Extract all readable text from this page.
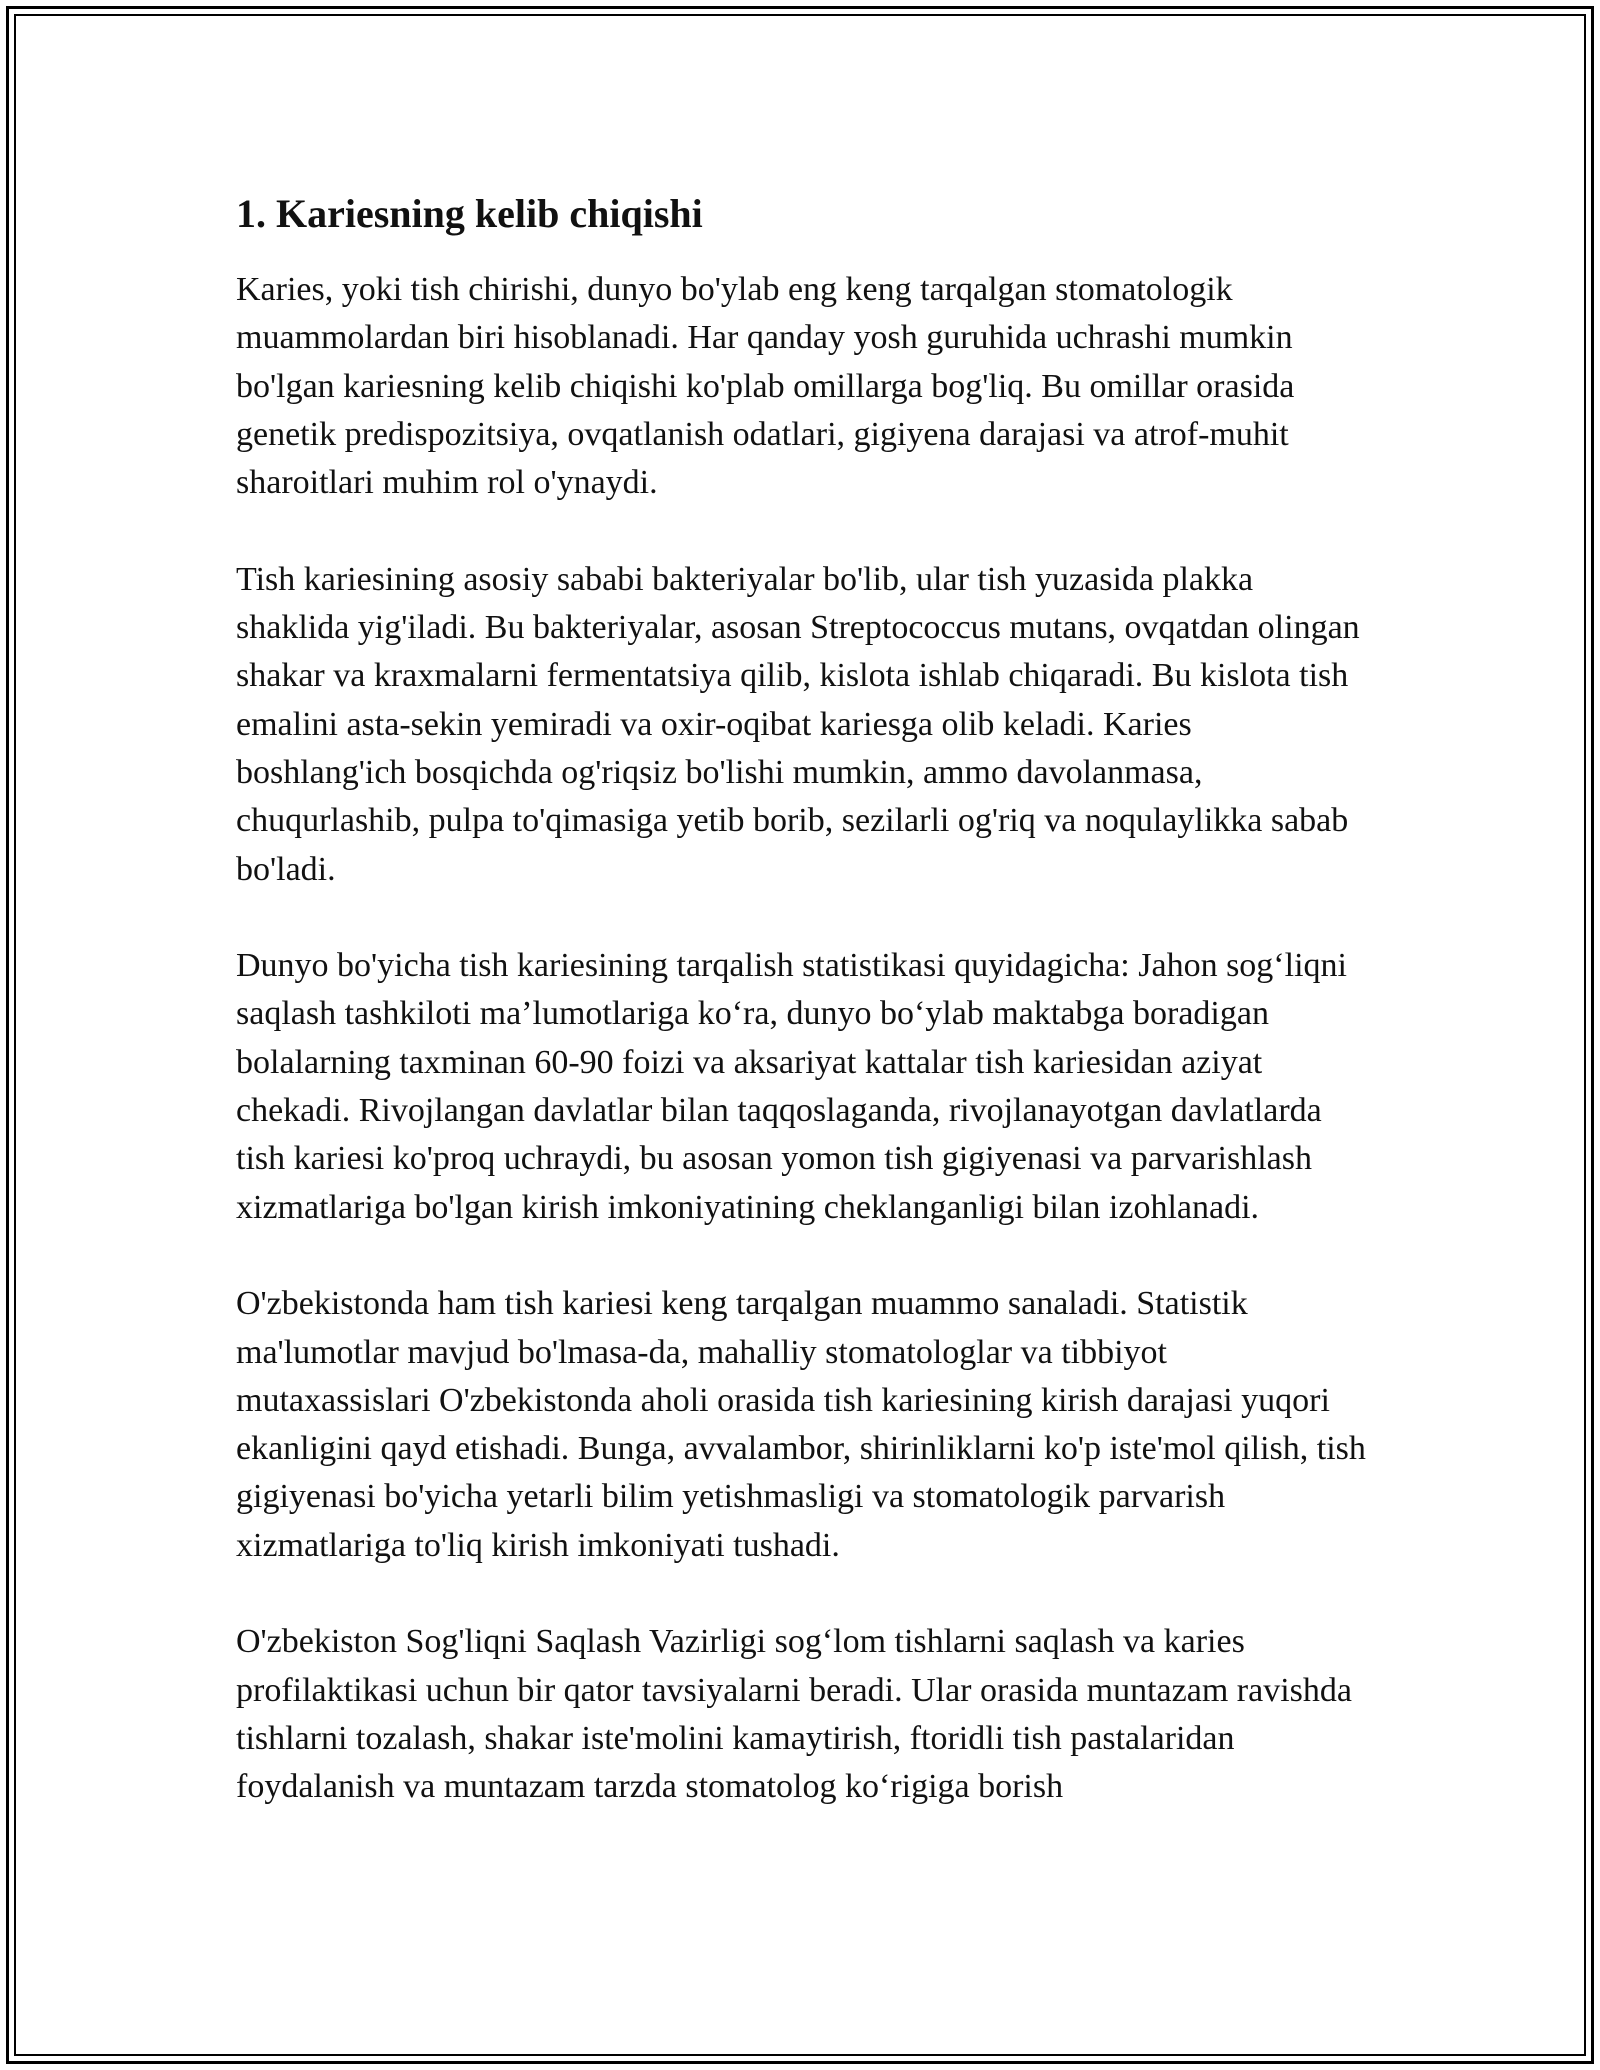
1. Kariesning kelib chiqishi

Karies, yoki tish chirishi, dunyo bo'ylab eng keng tarqalgan stomatologik muammolardan biri hisoblanadi. Har qanday yosh guruhida uchrashi mumkin bo'lgan kariesning kelib chiqishi ko'plab omillarga bog'liq. Bu omillar orasida genetik predispozitsiya, ovqatlanish odatlari, gigiyena darajasi va atrof-muhit sharoitlari muhim rol o'ynaydi.

Tish kariesining asosiy sababi bakteriyalar bo'lib, ular tish yuzasida plakka shaklida yig'iladi. Bu bakteriyalar, asosan Streptococcus mutans, ovqatdan olingan shakar va kraxmalarni fermentatsiya qilib, kislota ishlab chiqaradi. Bu kislota tish emalini asta-sekin yemiradi va oxir-oqibat kariesga olib keladi. Karies boshlang'ich bosqichda og'riqsiz bo'lishi mumkin, ammo davolanmasa, chuqurlashib, pulpa to'qimasiga yetib borib, sezilarli og'riq va noqulaylikka sabab bo'ladi.

Dunyo bo'yicha tish kariesining tarqalish statistikasi quyidagicha: Jahon sog‘liqni saqlash tashkiloti ma’lumotlariga ko‘ra, dunyo bo‘ylab maktabga boradigan bolalarning taxminan 60-90 foizi va aksariyat kattalar tish kariesidan aziyat chekadi. Rivojlangan davlatlar bilan taqqoslaganda, rivojlanayotgan davlatlarda tish kariesi ko'proq uchraydi, bu asosan yomon tish gigiyenasi va parvarishlash xizmatlariga bo'lgan kirish imkoniyatining cheklanganligi bilan izohlanadi.

O'zbekistonda ham tish kariesi keng tarqalgan muammo sanaladi. Statistik ma'lumotlar mavjud bo'lmasa-da, mahalliy stomatologlar va tibbiyot mutaxassislari O'zbekistonda aholi orasida tish kariesining kirish darajasi yuqori ekanligini qayd etishadi. Bunga, avvalambor, shirinliklarni ko'p iste'mol qilish, tish gigiyenasi bo'yicha yetarli bilim yetishmasligi va stomatologik parvarish xizmatlariga to'liq kirish imkoniyati tushadi.

O'zbekiston Sog'liqni Saqlash Vazirligi sog‘lom tishlarni saqlash va karies profilaktikasi uchun bir qator tavsiyalarni beradi. Ular orasida muntazam ravishda tishlarni tozalash, shakar iste'molini kamaytirish, ftoridli tish pastalaridan foydalanish va muntazam tarzda stomatolog ko‘rigiga borish
